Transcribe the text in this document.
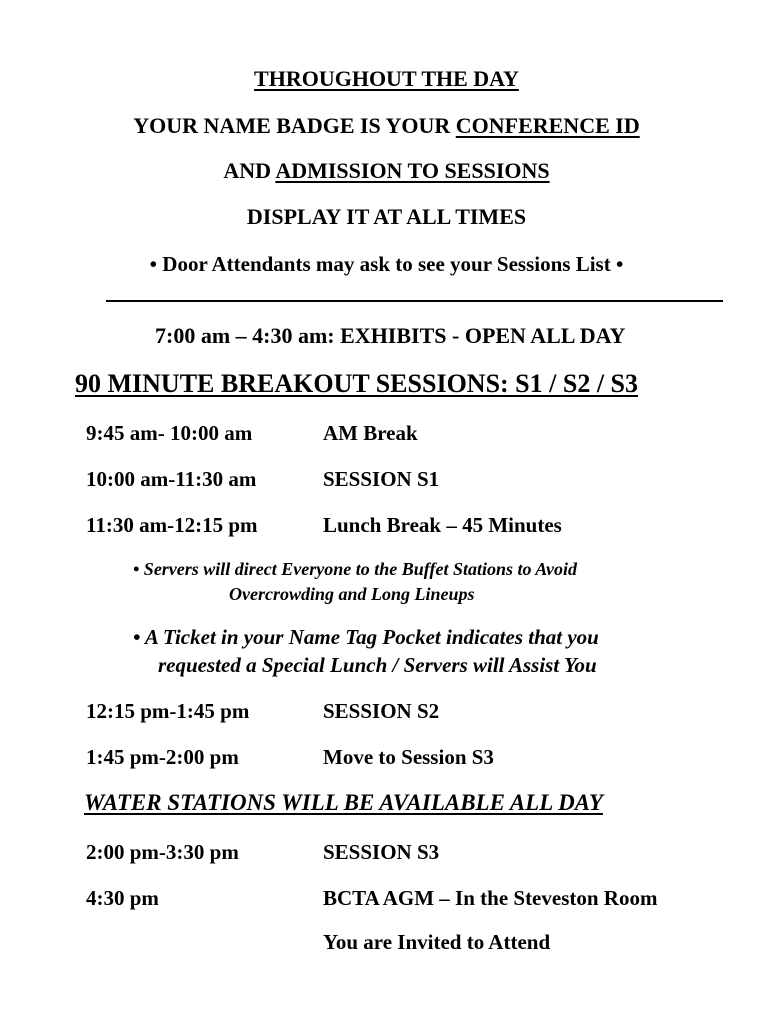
THROUGHOUT THE DAY
YOUR NAME BADGE IS YOUR CONFERENCE ID
AND ADMISSION TO SESSIONS
DISPLAY IT AT ALL TIMES
• Door Attendants may ask to see your Sessions List •
7:00 am – 4:30 am: EXHIBITS - OPEN ALL DAY
90 MINUTE BREAKOUT SESSIONS: S1 / S2 / S3
9:45 am- 10:00 am	AM Break
10:00 am-11:30 am	SESSION S1
11:30 am-12:15 pm	Lunch Break – 45 Minutes
• Servers will direct Everyone to the Buffet Stations to Avoid
Overcrowding and Long Lineups
• A Ticket in your Name Tag Pocket indicates that you
requested a Special Lunch / Servers will Assist You
12:15 pm-1:45 pm	SESSION S2
1:45 pm-2:00 pm	Move to Session S3
WATER STATIONS WILL BE AVAILABLE ALL DAY
2:00 pm-3:30 pm	SESSION S3
4:30 pm	BCTA AGM – In the Steveston Room
You are Invited to Attend
